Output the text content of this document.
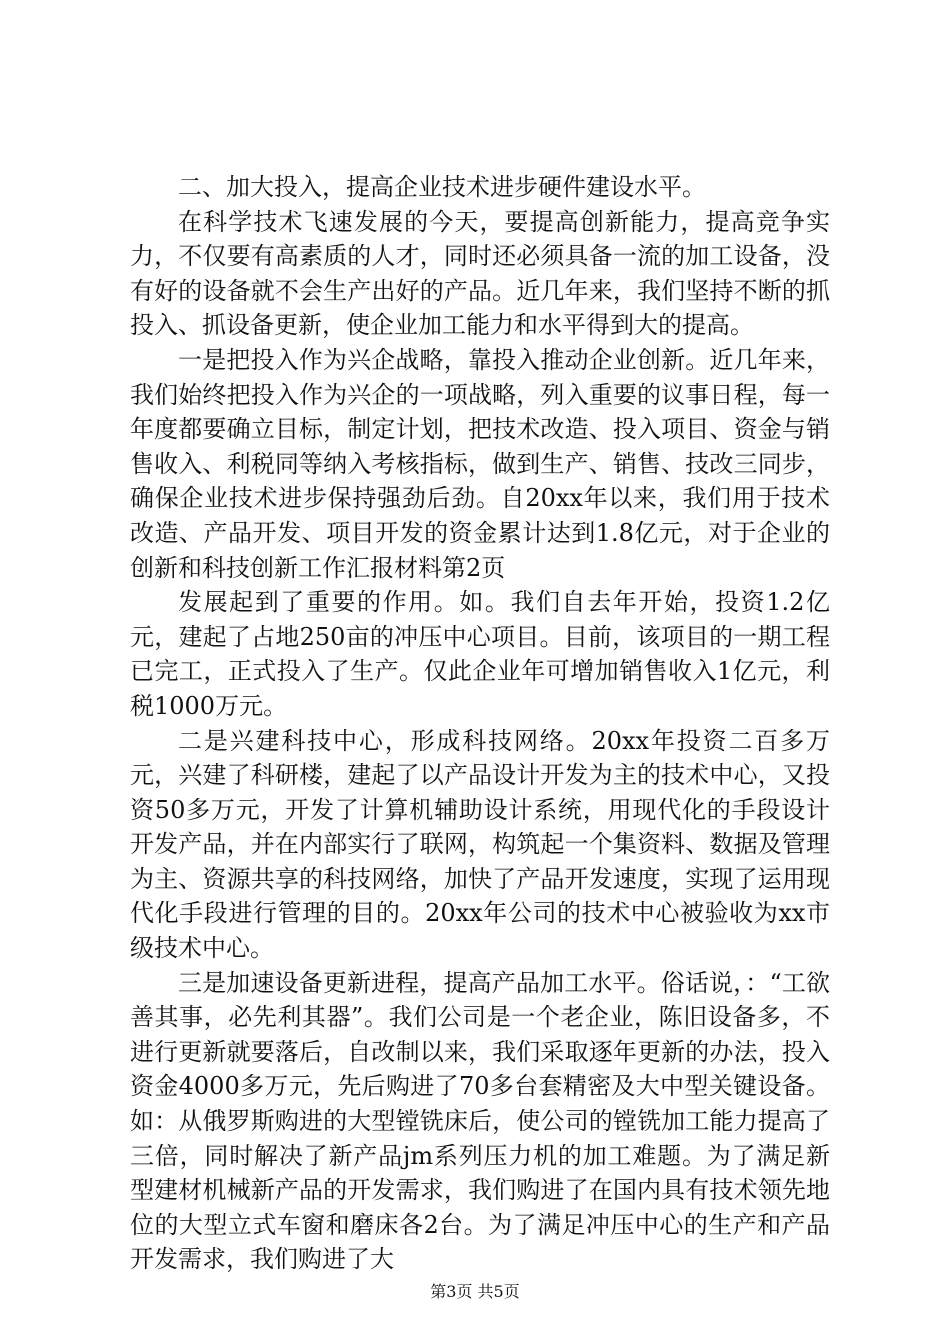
二、加大投入，提高企业技术进步硬件建设水平。

在科学技术飞速发展的今天，要提高创新能力，提高竞争实力，不仅要有高素质的人才，同时还必须具备一流的加工设备，没有好的设备就不会生产出好的产品。近几年来，我们坚持不断的抓投入、抓设备更新，使企业加工能力和水平得到大的提高。

一是把投入作为兴企战略，靠投入推动企业创新。近几年来，我们始终把投入作为兴企的一项战略，列入重要的议事日程，每一年度都要确立目标，制定计划，把技术改造、投入项目、资金与销售收入、利税同等纳入考核指标，做到生产、销售、技改三同步，确保企业技术进步保持强劲后劲。自20xx年以来，我们用于技术改造、产品开发、项目开发的资金累计达到1.8亿元，对于企业的创新和科技创新工作汇报材料第2页

发展起到了重要的作用。如。我们自去年开始，投资1.2亿元，建起了占地250亩的冲压中心项目。目前，该项目的一期工程已完工，正式投入了生产。仅此企业年可增加销售收入1亿元，利税1000万元。

二是兴建科技中心，形成科技网络。20xx年投资二百多万元，兴建了科研楼，建起了以产品设计开发为主的技术中心，又投资50多万元，开发了计算机辅助设计系统，用现代化的手段设计开发产品，并在内部实行了联网，构筑起一个集资料、数据及管理为主、资源共享的科技网络，加快了产品开发速度，实现了运用现代化手段进行管理的目的。20xx年公司的技术中心被验收为xx市级技术中心。

三是加速设备更新进程，提高产品加工水平。俗话说，：“工欲善其事，必先利其器”。我们公司是一个老企业，陈旧设备多，不进行更新就要落后，自改制以来，我们采取逐年更新的办法，投入资金4000多万元，先后购进了70多台套精密及大中型关键设备。如：从俄罗斯购进的大型镗铣床后，使公司的镗铣加工能力提高了三倍，同时解决了新产品jm系列压力机的加工难题。为了满足新型建材机械新产品的开发需求，我们购进了在国内具有技术领先地位的大型立式车窗和磨床各2台。为了满足冲压中心的生产和产品开发需求，我们购进了大

第3页 共5页
